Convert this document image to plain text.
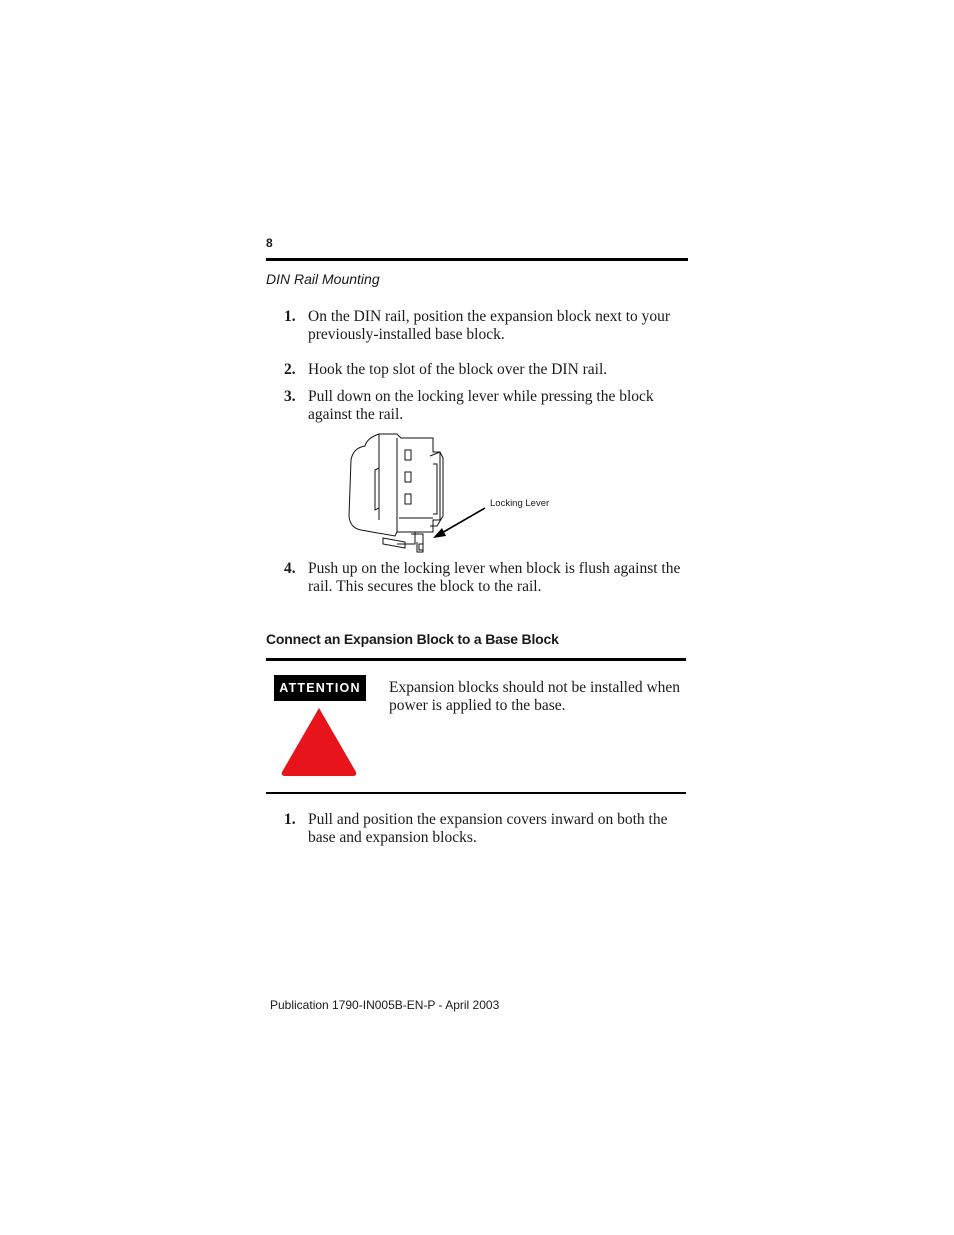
8
DIN Rail Mounting
1. On the DIN rail, position the expansion block next to your previously-installed base block.
2. Hook the top slot of the block over the DIN rail.
3. Pull down on the locking lever while pressing the block against the rail.
Locking Lever
4. Push up on the locking lever when block is flush against the rail. This secures the block to the rail.
Connect an Expansion Block to a Base Block
ATTENTION	Expansion blocks should not be installed when power is applied to the base.
1. Pull and position the expansion covers inward on both the base and expansion blocks.
Publication 1790-IN005B-EN-P - April 2003
